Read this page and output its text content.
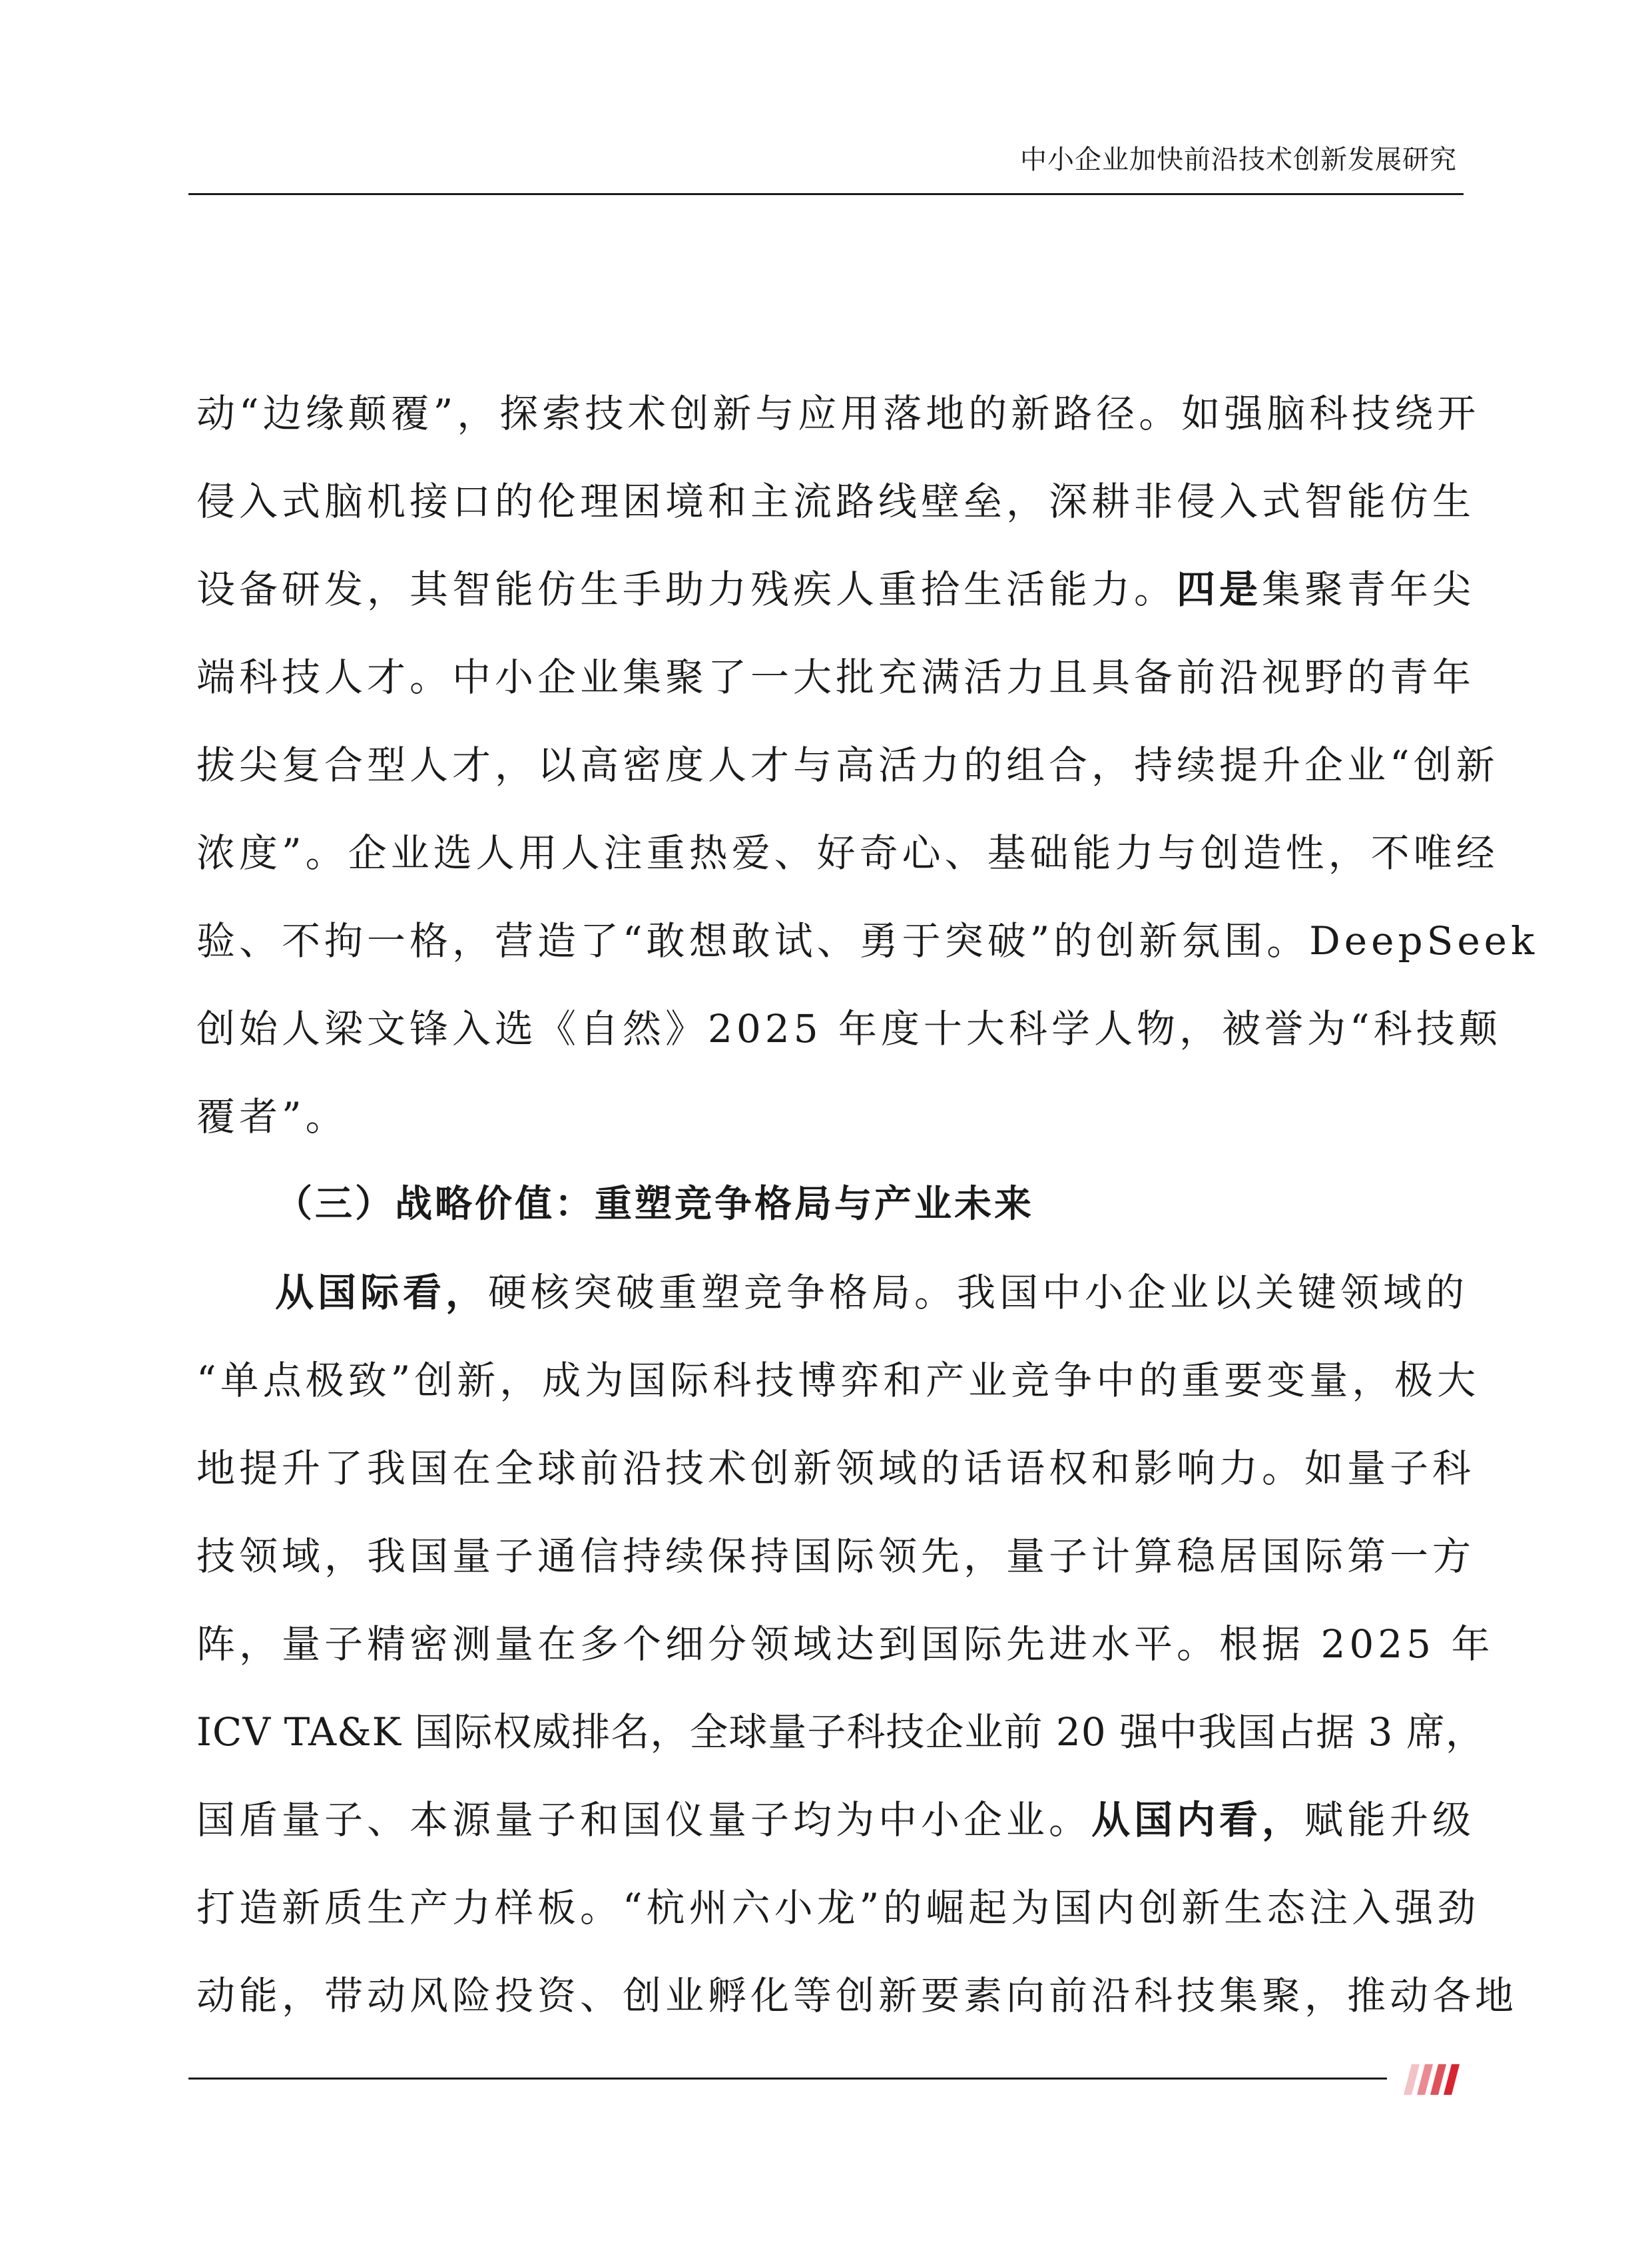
中小企业加快前沿技术创新发展研究
动“边缘颠覆”，探索技术创新与应用落地的新路径。如强脑科技绕开
侵入式脑机接口的伦理困境和主流路线壁垒，深耕非侵入式智能仿生
设备研发，其智能仿生手助力残疾人重拾生活能力。四是集聚青年尖
端科技人才。中小企业集聚了一大批充满活力且具备前沿视野的青年
拔尖复合型人才，以高密度人才与高活力的组合，持续提升企业“创新
浓度”。企业选人用人注重热爱、好奇心、基础能力与创造性，不唯经
验、不拘一格，营造了“敢想敢试、勇于突破”的创新氛围。DeepSeek
创始人梁文锋入选《自然》2025 年度十大科学人物，被誉为“科技颠
覆者”。
（三）战略价值：重塑竞争格局与产业未来
从国际看，硬核突破重塑竞争格局。我国中小企业以关键领域的
“单点极致”创新，成为国际科技博弈和产业竞争中的重要变量，极大
地提升了我国在全球前沿技术创新领域的话语权和影响力。如量子科
技领域，我国量子通信持续保持国际领先，量子计算稳居国际第一方
阵，量子精密测量在多个细分领域达到国际先进水平。根据 2025 年
ICV TA&K 国际权威排名，全球量子科技企业前 20 强中我国占据 3 席，
国盾量子、本源量子和国仪量子均为中小企业。从国内看，赋能升级
打造新质生产力样板。“杭州六小龙”的崛起为国内创新生态注入强劲
动能，带动风险投资、创业孵化等创新要素向前沿科技集聚，推动各地
